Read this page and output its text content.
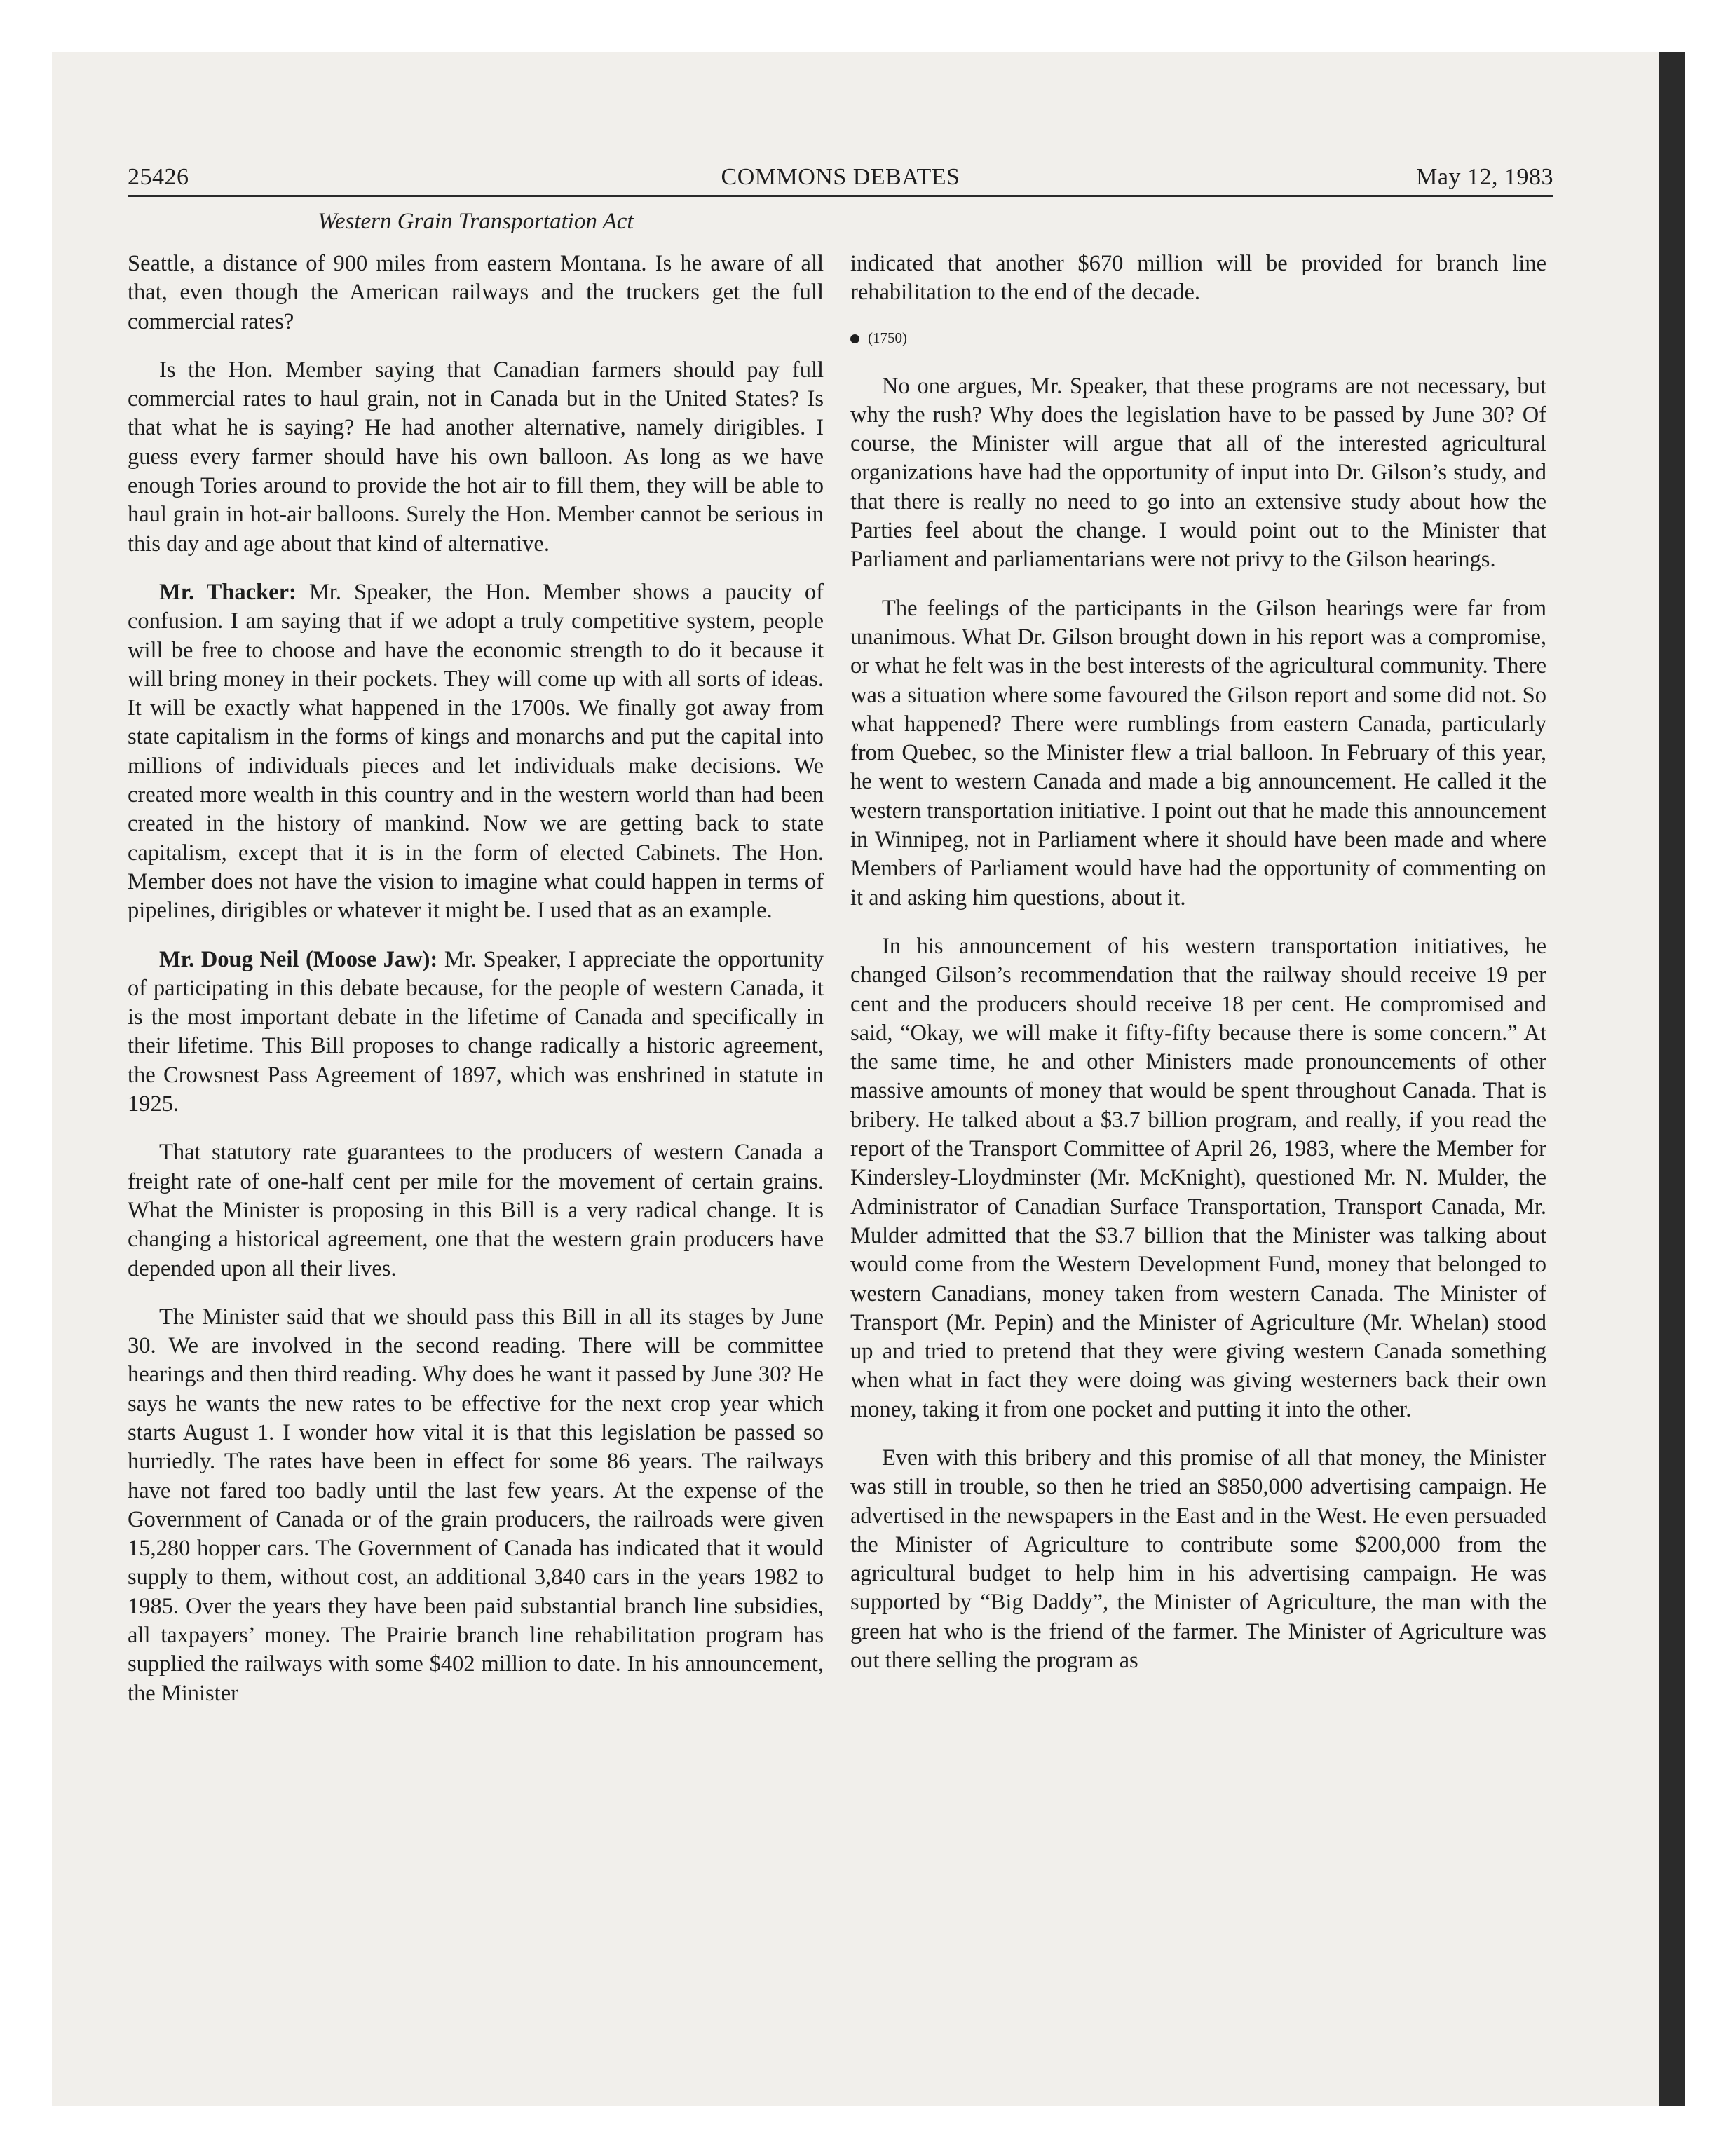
25426	COMMONS DEBATES	May 12, 1983
Western Grain Transportation Act

Seattle, a distance of 900 miles from eastern Montana. Is he aware of all that, even though the American railways and the truckers get the full commercial rates?

Is the Hon. Member saying that Canadian farmers should pay full commercial rates to haul grain, not in Canada but in the United States? Is that what he is saying? He had another alternative, namely dirigibles. I guess every farmer should have his own balloon. As long as we have enough Tories around to provide the hot air to fill them, they will be able to haul grain in hot-air balloons. Surely the Hon. Member cannot be serious in this day and age about that kind of alternative.

Mr. Thacker: Mr. Speaker, the Hon. Member shows a paucity of confusion. I am saying that if we adopt a truly competitive system, people will be free to choose and have the economic strength to do it because it will bring money in their pockets. They will come up with all sorts of ideas. It will be exactly what happened in the 1700s. We finally got away from state capitalism in the forms of kings and monarchs and put the capital into millions of individuals pieces and let individuals make decisions. We created more wealth in this country and in the western world than had been created in the history of mankind. Now we are getting back to state capitalism, except that it is in the form of elected Cabinets. The Hon. Member does not have the vision to imagine what could happen in terms of pipelines, dirigibles or whatever it might be. I used that as an example.

Mr. Doug Neil (Moose Jaw): Mr. Speaker, I appreciate the opportunity of participating in this debate because, for the people of western Canada, it is the most important debate in the lifetime of Canada and specifically in their lifetime. This Bill proposes to change radically a historic agreement, the Crowsnest Pass Agreement of 1897, which was enshrined in statute in 1925.

That statutory rate guarantees to the producers of western Canada a freight rate of one-half cent per mile for the movement of certain grains. What the Minister is proposing in this Bill is a very radical change. It is changing a historical agreement, one that the western grain producers have depended upon all their lives.

The Minister said that we should pass this Bill in all its stages by June 30. We are involved in the second reading. There will be committee hearings and then third reading. Why does he want it passed by June 30? He says he wants the new rates to be effective for the next crop year which starts August 1. I wonder how vital it is that this legislation be passed so hurriedly. The rates have been in effect for some 86 years. The railways have not fared too badly until the last few years. At the expense of the Government of Canada or of the grain producers, the railroads were given 15,280 hopper cars. The Government of Canada has indicated that it would supply to them, without cost, an additional 3,840 cars in the years 1982 to 1985. Over the years they have been paid substantial branch line subsidies, all taxpayers’ money. The Prairie branch line rehabilitation program has supplied the railways with some $402 million to date. In his announcement, the Minister

indicated that another $670 million will be provided for branch line rehabilitation to the end of the decade.

(1750)

No one argues, Mr. Speaker, that these programs are not necessary, but why the rush? Why does the legislation have to be passed by June 30? Of course, the Minister will argue that all of the interested agricultural organizations have had the opportunity of input into Dr. Gilson’s study, and that there is really no need to go into an extensive study about how the Parties feel about the change. I would point out to the Minister that Parliament and parliamentarians were not privy to the Gilson hearings.

The feelings of the participants in the Gilson hearings were far from unanimous. What Dr. Gilson brought down in his report was a compromise, or what he felt was in the best interests of the agricultural community. There was a situation where some favoured the Gilson report and some did not. So what happened? There were rumblings from eastern Canada, particularly from Quebec, so the Minister flew a trial balloon. In February of this year, he went to western Canada and made a big announcement. He called it the western transportation initiative. I point out that he made this announcement in Winnipeg, not in Parliament where it should have been made and where Members of Parliament would have had the opportunity of commenting on it and asking him questions, about it.

In his announcement of his western transportation initiatives, he changed Gilson’s recommendation that the railway should receive 19 per cent and the producers should receive 18 per cent. He compromised and said, “Okay, we will make it fifty-fifty because there is some concern.” At the same time, he and other Ministers made pronouncements of other massive amounts of money that would be spent throughout Canada. That is bribery. He talked about a $3.7 billion program, and really, if you read the report of the Transport Committee of April 26, 1983, where the Member for Kindersley-Lloydminster (Mr. McKnight), questioned Mr. N. Mulder, the Administrator of Canadian Surface Transportation, Transport Canada, Mr. Mulder admitted that the $3.7 billion that the Minister was talking about would come from the Western Development Fund, money that belonged to western Canadians, money taken from western Canada. The Minister of Transport (Mr. Pepin) and the Minister of Agriculture (Mr. Whelan) stood up and tried to pretend that they were giving western Canada something when what in fact they were doing was giving westerners back their own money, taking it from one pocket and putting it into the other.

Even with this bribery and this promise of all that money, the Minister was still in trouble, so then he tried an $850,000 advertising campaign. He advertised in the newspapers in the East and in the West. He even persuaded the Minister of Agriculture to contribute some $200,000 from the agricultural budget to help him in his advertising campaign. He was supported by “Big Daddy”, the Minister of Agriculture, the man with the green hat who is the friend of the farmer. The Minister of Agriculture was out there selling the program as
